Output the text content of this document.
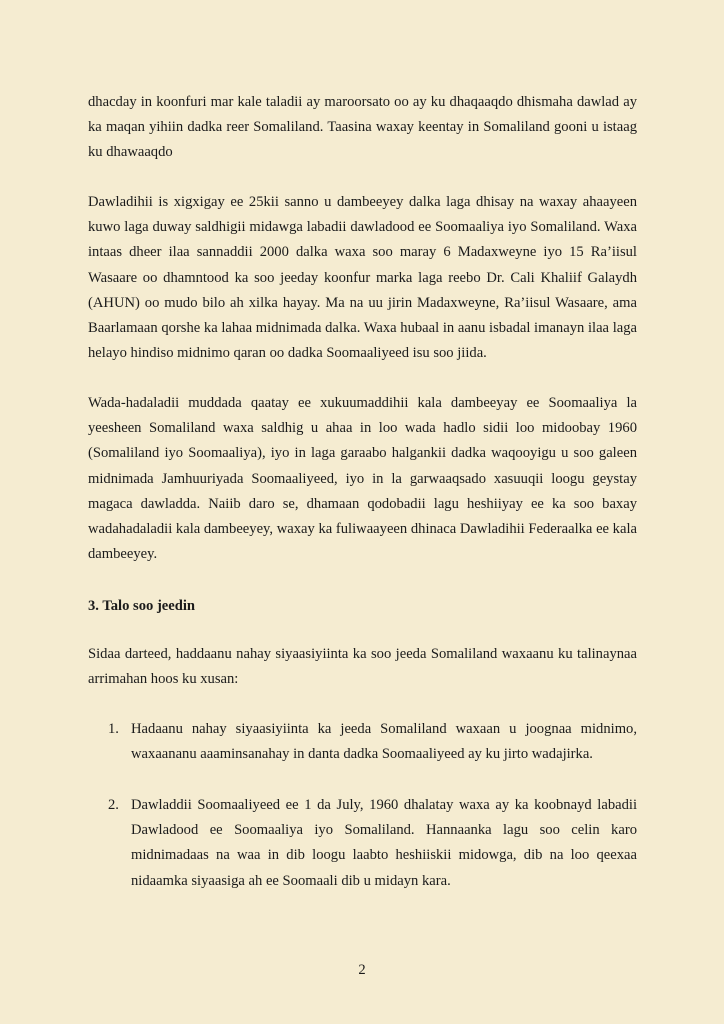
dhacday in koonfuri mar kale taladii ay maroorsato oo ay ku dhaqaaqdo dhismaha dawlad ay ka maqan yihiin dadka reer Somaliland. Taasina waxay keentay in Somaliland gooni u istaag ku dhawaaqdo

Dawladihii is xigxigay ee 25kii sanno u dambeeyey dalka laga dhisay na waxay ahaayeen kuwo laga duway saldhigii midawga labadii dawladood ee Soomaaliya iyo Somaliland. Waxa intaas dheer ilaa sannaddii 2000 dalka waxa soo maray 6 Madaxweyne iyo 15 Ra’iisul Wasaare oo dhamntood ka soo jeeday koonfur marka laga reebo Dr. Cali Khaliif Galaydh (AHUN) oo mudo bilo ah xilka hayay. Ma na uu jirin Madaxweyne, Ra’iisul Wasaare, ama Baarlamaan qorshe ka lahaa midnimada dalka. Waxa hubaal in aanu isbadal imanayn ilaa laga helayo hindiso midnimo qaran oo dadka Soomaaliyeed isu soo jiida.

Wada-hadaladii muddada qaatay ee xukuumaddihii kala dambeeyay ee Soomaaliya la yeesheen Somaliland waxa saldhig u ahaa in loo wada hadlo sidii loo midoobay 1960 (Somaliland iyo Soomaaliya), iyo in laga garaabo halgankii dadka waqooyigu u soo galeen midnimada Jamhuuriyada Soomaaliyeed, iyo in la garwaaqsado xasuuqii loogu geystay magaca dawladda. Naiib daro se, dhamaan qodobadii lagu heshiiyay ee ka soo baxay wadahadaladii kala dambeeyey, waxay ka fuliwaayeen dhinaca Dawladihii Federaalka ee kala dambeeyey.

3. Talo soo jeedin

Sidaa darteed, haddaanu nahay siyaasiyiinta ka soo jeeda Somaliland waxaanu ku talinaynaa arrimahan hoos ku xusan:

1. Hadaanu nahay siyaasiyiinta ka jeeda Somaliland waxaan u joognaa midnimo, waxaananu aaaminsanahay in danta dadka Soomaaliyeed ay ku jirto wadajirka.
2. Dawladdii Soomaaliyeed ee 1 da July, 1960 dhalatay waxa ay ka koobnayd labadii Dawladood ee Soomaaliya iyo Somaliland. Hannaanka lagu soo celin karo midnimadaas na waa in dib loogu laabto heshiiskii midowga, dib na loo qeexaa nidaamka siyaasiga ah ee Soomaali dib u midayn kara.
2
